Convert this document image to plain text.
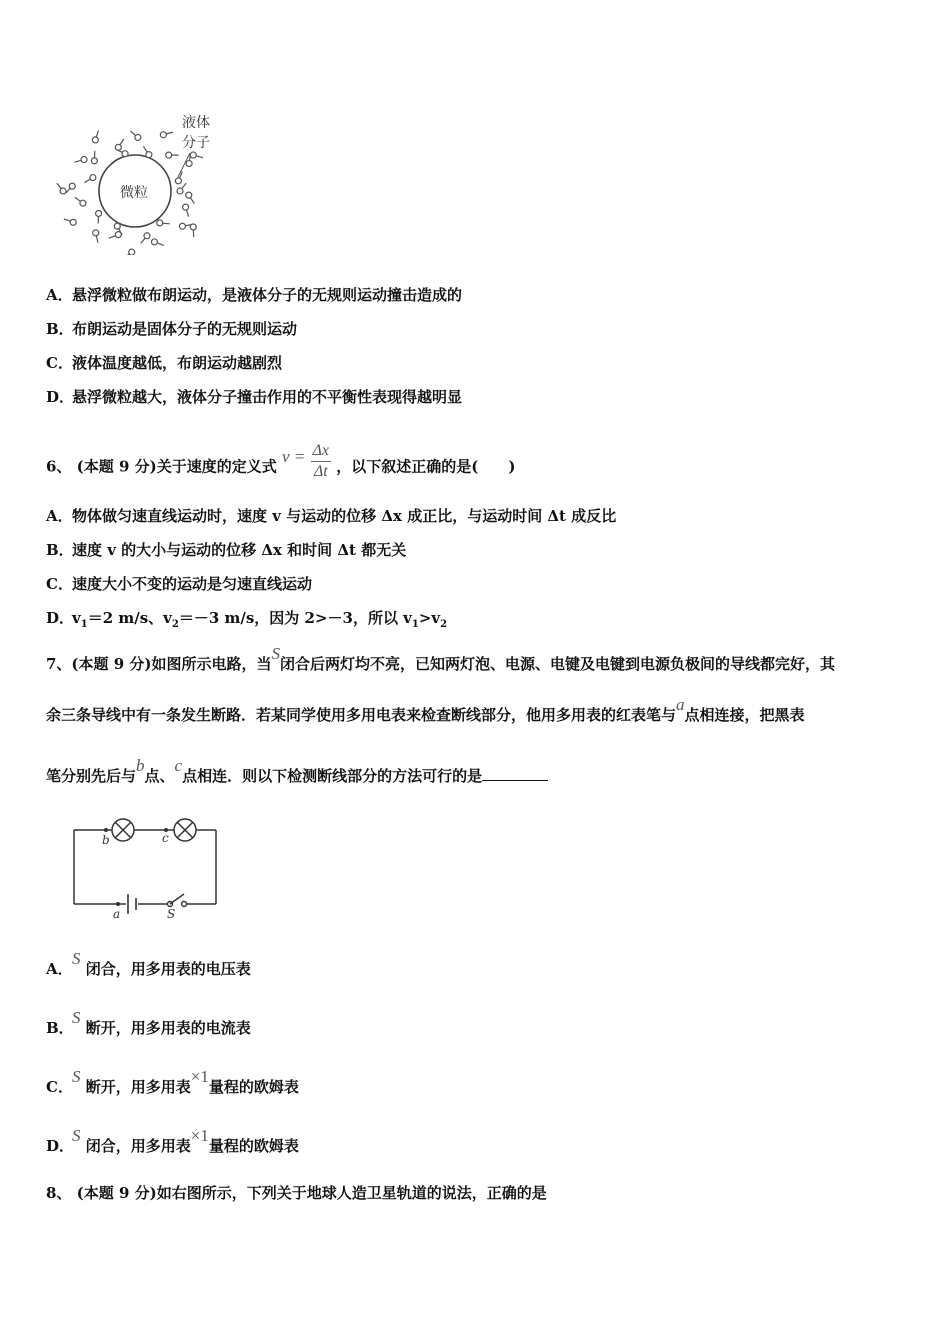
微粒
液体
分子
A．悬浮微粒做布朗运动，是液体分子的无规则运动撞击造成的
B．布朗运动是固体分子的无规则运动
C．液体温度越低，布朗运动越剧烈
D．悬浮微粒越大，液体分子撞击作用的不平衡性表现得越明显
6、 (本题 9 分)关于速度的定义式 $v = \frac{\Delta x}{\Delta t}$ ，以下叙述正确的是(　　)
A．物体做匀速直线运动时，速度 v 与运动的位移 Δx 成正比，与运动时间 Δt 成反比
B．速度 v 的大小与运动的位移 Δx 和时间 Δt 都无关
C．速度大小不变的运动是匀速直线运动
D．$v_1=2$ m/s、$v_2=-3$ m/s，因为 2>－3，所以 $v_1>v_2$
7、(本题 9 分)如图所示电路，当S闭合后两灯均不亮，已知两灯泡、电源、电键及电键到电源负极间的导线都完好，其
余三条导线中有一条发生断路．若某同学使用多用电表来检查断线部分，他用多用表的红表笔与a点相连接，把黑表
笔分别先后与b点、c点相连．则以下检测断线部分的方法可行的是
b	c
a	S
A．S 闭合，用多用表的电压表
B．S 断开，用多用表的电流表
C．S 断开，用多用表×1量程的欧姆表
D．S 闭合，用多用表×1量程的欧姆表
8、 (本题 9 分)如右图所示，下列关于地球人造卫星轨道的说法，正确的是
